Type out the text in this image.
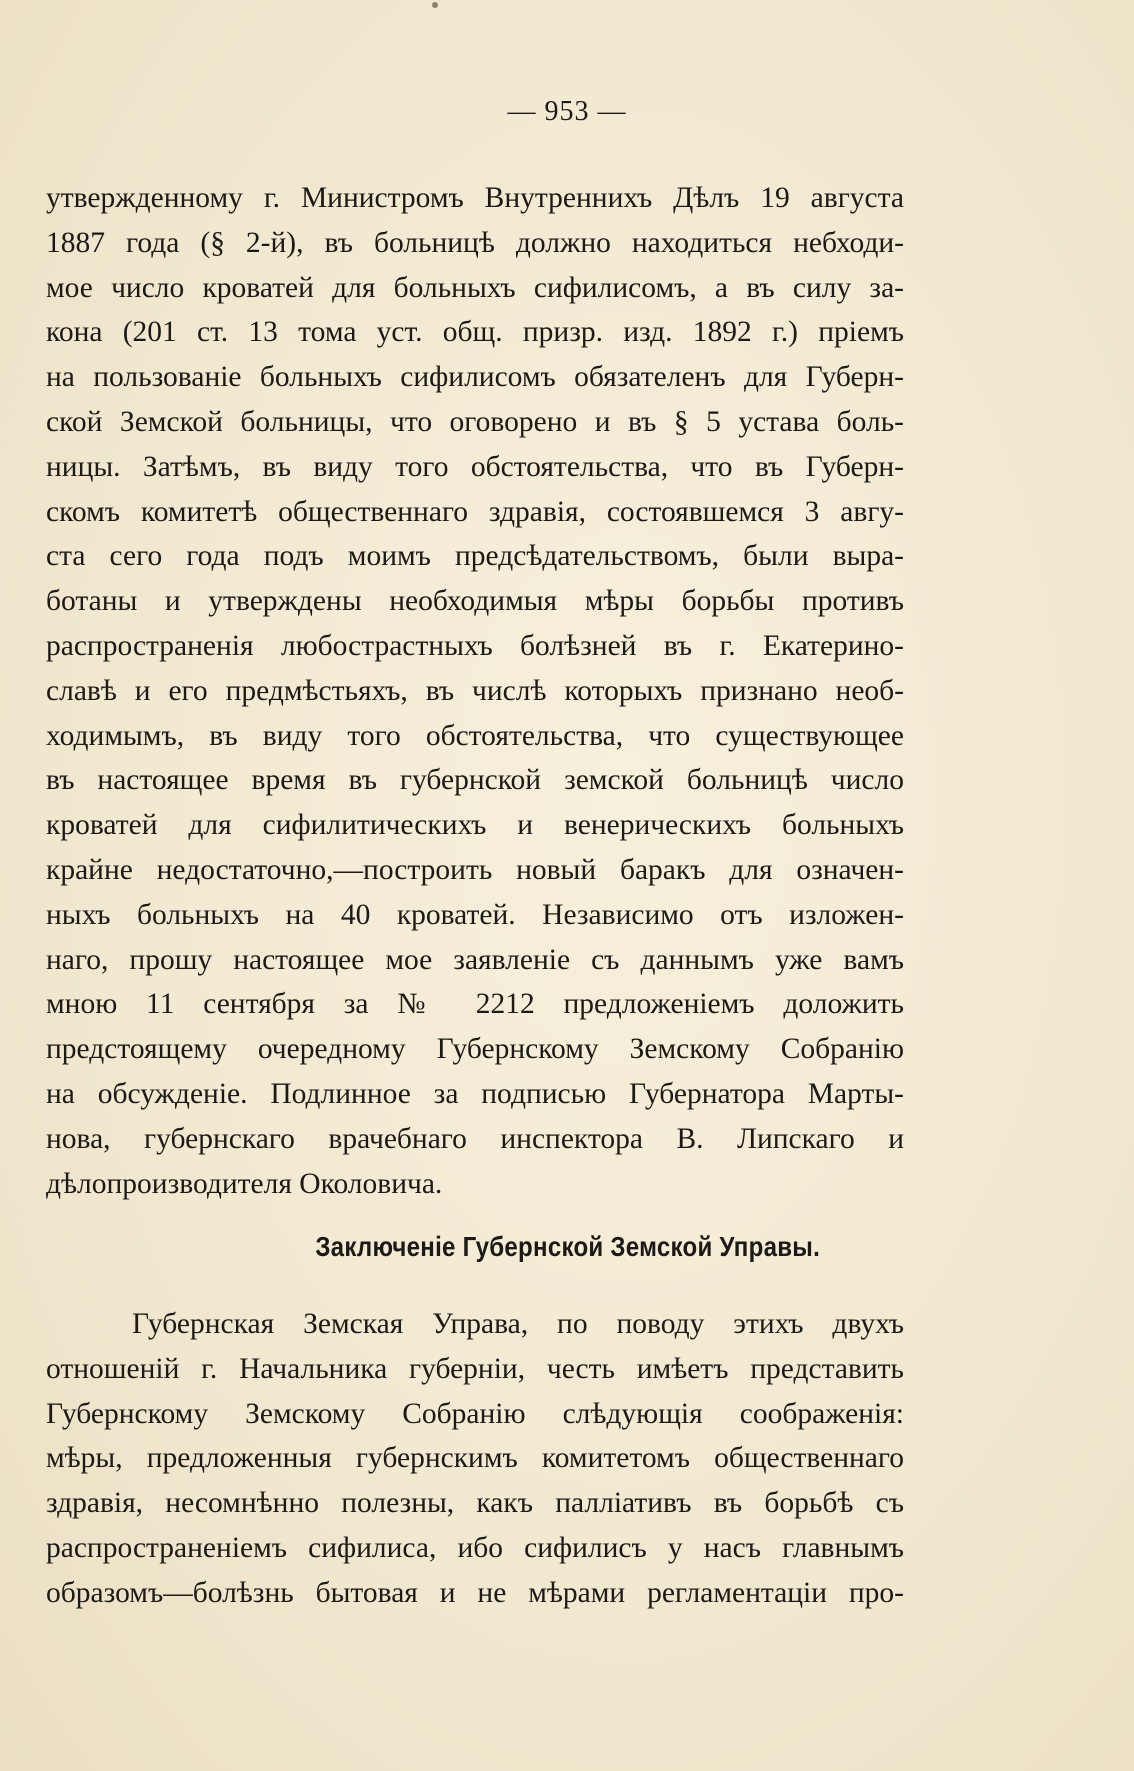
— 953 —
утвержденному г. Министромъ Внутреннихъ Дѣлъ 19 августа
1887 года (§ 2-й), въ больницѣ должно находиться небходи-
мое число кроватей для больныхъ сифилисомъ, а въ силу за-
кона (201 ст. 13 тома уст. общ. призр. изд. 1892 г.) пріемъ
на пользованіе больныхъ сифилисомъ обязателенъ для Губерн-
ской Земской больницы, что оговорено и въ § 5 устава боль-
ницы. Затѣмъ, въ виду того обстоятельства, что въ Губерн-
скомъ комитетѣ общественнаго здравія, состоявшемся 3 авгу-
ста сего года подъ моимъ предсѣдательствомъ, были выра-
ботаны и утверждены необходимыя мѣры борьбы противъ
распространенія любострастныхъ болѣзней въ г. Екатерино-
славѣ и его предмѣстьяхъ, въ числѣ которыхъ признано необ-
ходимымъ, въ виду того обстоятельства, что существующее
въ настоящее время въ губернской земской больницѣ число
кроватей для сифилитическихъ и венерическихъ больныхъ
крайне недостаточно,—построить новый баракъ для означен-
ныхъ больныхъ на 40 кроватей. Независимо отъ изложен-
наго, прошу настоящее мое заявленіе съ даннымъ уже вамъ
мною 11 сентября за № 2212 предложеніемъ доложить
предстоящему очередному Губернскому Земскому Собранію
на обсужденіе. Подлинное за подписью Губернатора Марты-
нова, губернскаго врачебнаго инспектора В. Липскаго и
дѣлопроизводителя Околовича.
Заключеніе Губернской Земской Управы.
Губернская Земская Управа, по поводу этихъ двухъ
отношеній г. Начальника губерніи, честь имѣетъ представить
Губернскому Земскому Собранію слѣдующія соображенія:
мѣры, предложенныя губернскимъ комитетомъ общественнаго
здравія, несомнѣнно полезны, какъ палліативъ въ борьбѣ съ
распространеніемъ сифилиса, ибо сифилисъ у насъ главнымъ
образомъ—болѣзнь бытовая и не мѣрами регламентаціи про-
